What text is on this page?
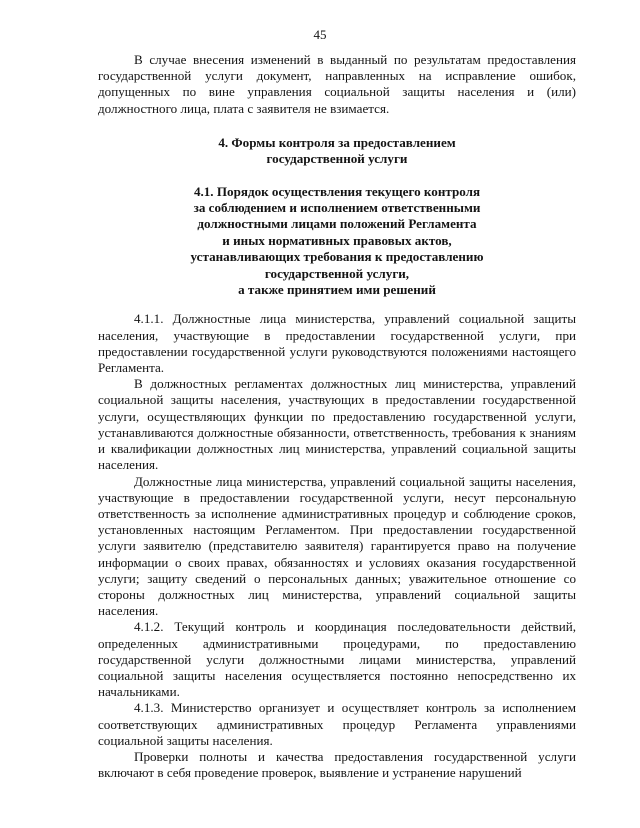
45

В случае внесения изменений в выданный по результатам предоставления государственной услуги документ, направленных на исправление ошибок, допущенных по вине управления социальной защиты населения и (или) должностного лица, плата с заявителя не взимается.

4. Формы контроля за предоставлением
государственной услуги
4.1. Порядок осуществления текущего контроля
за соблюдением и исполнением ответственными
должностными лицами положений Регламента
и иных нормативных правовых актов,
устанавливающих требования к предоставлению
государственной услуги,
а также принятием ими решений

4.1.1. Должностные лица министерства, управлений социальной защиты населения, участвующие в предоставлении государственной услуги, при предоставлении государственной услуги руководствуются положениями настоящего Регламента.

В должностных регламентах должностных лиц министерства, управлений социальной защиты населения, участвующих в предоставлении государственной услуги, осуществляющих функции по предоставлению государственной услуги, устанавливаются должностные обязанности, ответственность, требования к знаниям и квалификации должностных лиц министерства, управлений социальной защиты населения.

Должностные лица министерства, управлений социальной защиты населения, участвующие в предоставлении государственной услуги, несут персональную ответственность за исполнение административных процедур и соблюдение сроков, установленных настоящим Регламентом. При предоставлении государственной услуги заявителю (представителю заявителя) гарантируется право на получение информации о своих правах, обязанностях и условиях оказания государственной услуги; защиту сведений о персональных данных; уважительное отношение со стороны должностных лиц министерства, управлений социальной защиты населения.

4.1.2. Текущий контроль и координация последовательности действий, определенных административными процедурами, по предоставлению государственной услуги должностными лицами министерства, управлений социальной защиты населения осуществляется постоянно непосредственно их начальниками.

4.1.3. Министерство организует и осуществляет контроль за исполнением соответствующих административных процедур Регламента управлениями социальной защиты населения.

Проверки полноты и качества предоставления государственной услуги включают в себя проведение проверок, выявление и устранение нарушений
